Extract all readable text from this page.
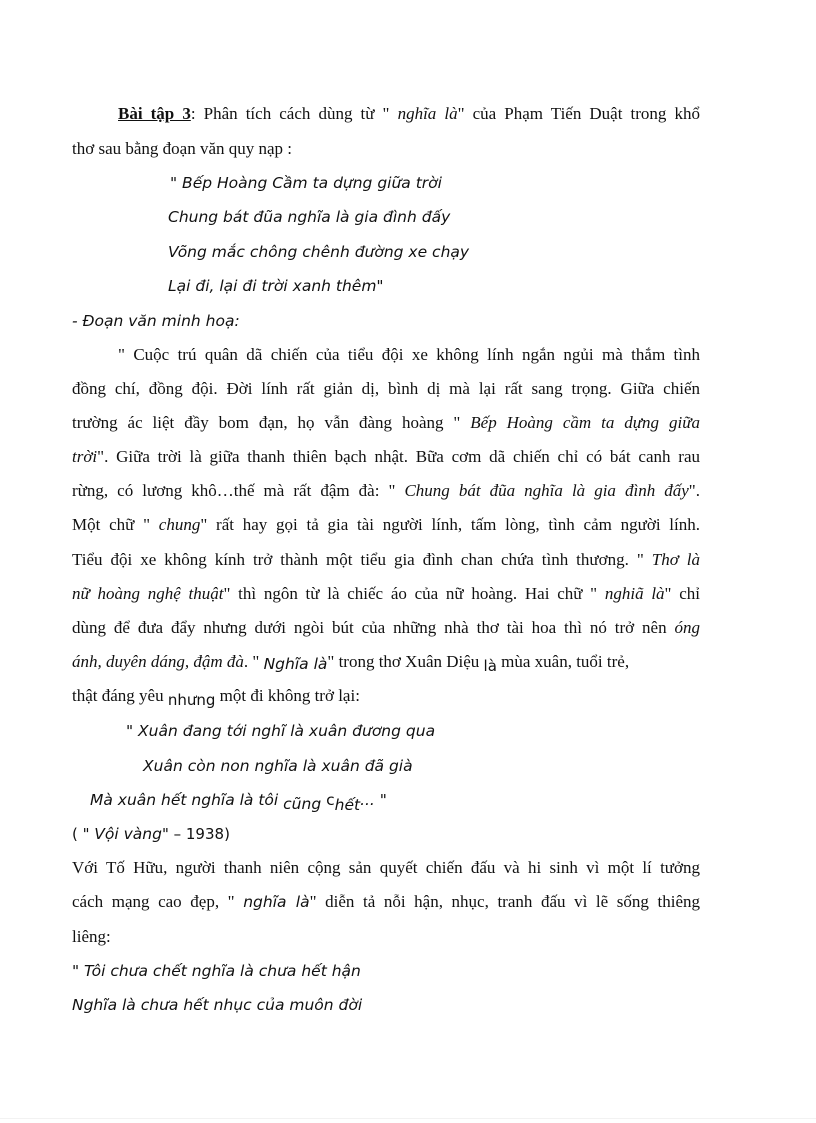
Bài tập 3: Phân tích cách dùng từ " nghĩa là" của Phạm Tiến Duật trong khổ
thơ sau bằng đoạn văn quy nạp :
" Bếp Hoàng Cầm ta dựng giữa trời
Chung bát đũa nghĩa là gia đình đấy
Võng mắc chông chênh đường xe chạy
Lại đi, lại đi trời xanh thêm"
- Đoạn văn minh hoạ:
" Cuộc trú quân dã chiến của tiểu đội xe không lính ngắn ngủi mà thắm tình
đồng chí, đồng đội. Đời lính rất giản dị, bình dị mà lại rất sang trọng. Giữa chiến
trường ác liệt đầy bom đạn, họ vẫn đàng hoàng " Bếp Hoàng cầm ta dựng giữa
trời". Giữa trời là giữa thanh thiên bạch nhật. Bữa cơm dã chiến chỉ có bát canh rau
rừng, có lương khô…thế mà rất đậm đà: " Chung bát đũa nghĩa là gia đình đấy".
Một chữ " chung" rất hay gọi tả gia tài người lính, tấm lòng, tình cảm người lính.
Tiểu đội xe không kính trở thành một tiểu gia đình chan chứa tình thương. " Thơ là
nữ hoàng nghệ thuật" thì ngôn từ là chiếc áo của nữ hoàng. Hai chữ " nghiã là" chỉ
dùng để đưa đẩy nhưng dưới ngòi bút của những nhà thơ tài hoa thì nó trở nên óng
ánh, duyên dáng, đậm đà. " Nghĩa là" trong thơ Xuân Diệu là mùa xuân, tuổi trẻ,
thật đáng yêu nhưng một đi không trở lại:
" Xuân đang tới nghĩ là xuân đương qua
Xuân còn non nghĩa là xuân đã già
Mà xuân hết nghĩa là tôi cũng chết... "
( " Vội vàng" – 1938)
Với Tố Hữu, người thanh niên cộng sản quyết chiến đấu và hi sinh vì một lí tưởng
cách mạng cao đẹp, " nghĩa là" diễn tả nỗi hận, nhục, tranh đấu vì lẽ sống thiêng
liêng:
" Tôi chưa chết nghĩa là chưa hết hận
Nghĩa là chưa hết nhục của muôn đời
